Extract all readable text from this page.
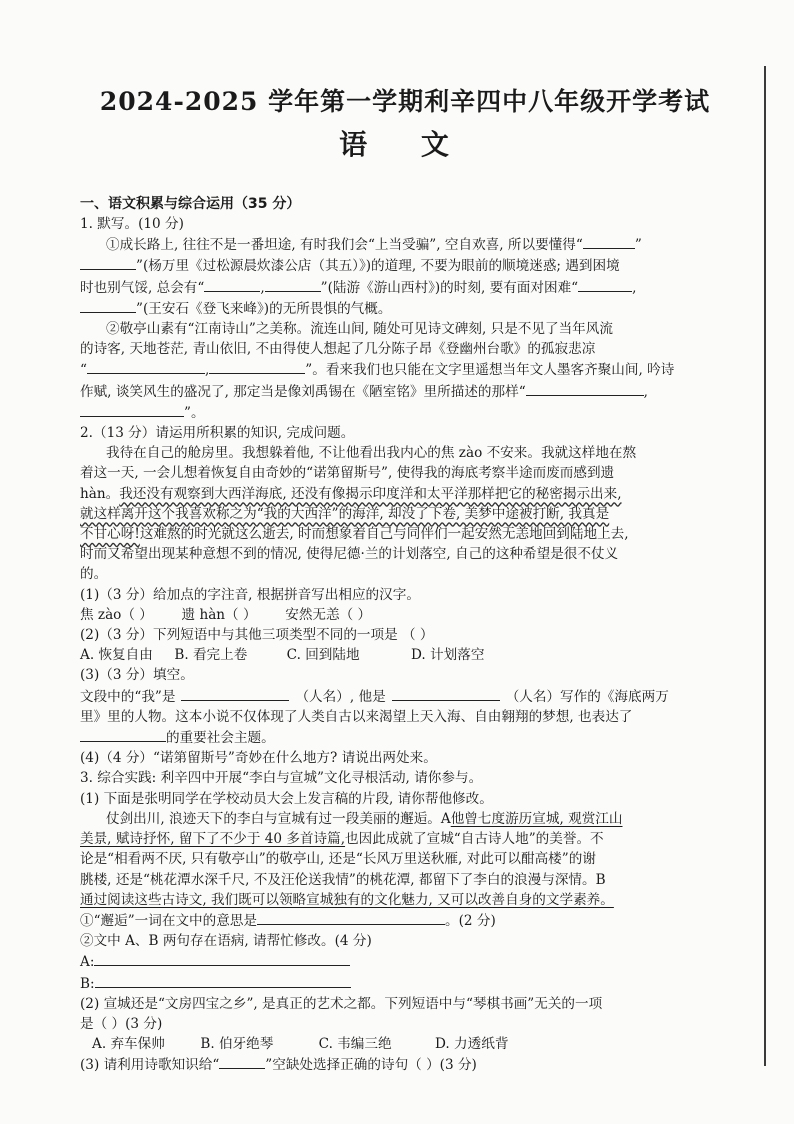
2024-2025 学年第一学期利辛四中八年级开学考试
语 文
一、语文积累与综合运用（35 分）
1. 默写。(10 分)
①成长路上, 往往不是一番坦途, 有时我们会“上当受骗”, 空自欢喜, 所以要懂得“	”
”(杨万里《过松源晨炊漆公店（其五）》)的道理, 不要为眼前的顺境迷惑; 遇到困境
时也别气馁, 总会有“	,	”(陆游《游山西村》)的时刻, 要有面对困难“	,
”(王安石《登飞来峰》)的无所畏惧的气概。
②敬亭山素有“江南诗山”之美称。流连山间, 随处可见诗文碑刻, 只是不见了当年风流
的诗客, 天地苍茫, 青山依旧, 不由得使人想起了几分陈子昂《登幽州台歌》的孤寂悲凉
“	,	”。看来我们也只能在文字里遥想当年文人墨客齐聚山间, 吟诗
作赋, 谈笑风生的盛况了, 那定当是像刘禹锡在《陋室铭》里所描述的那样“	,
”。
2.（13 分）请运用所积累的知识, 完成问题。
我待在自己的舱房里。我想躲着他, 不让他看出我内心的焦 zào 不安来。我就这样地在熬
着这一天, 一会儿想着恢复自由奇妙的“诺第留斯号”, 使得我的海底考察半途而废而感到遗
hàn。我还没有观察到大西洋海底, 还没有像揭示印度洋和太平洋那样把它的秘密揭示出来,
就这样离开这个我喜欢称之为“我的大西洋”的海洋, 却没了下卷, 美梦中途被打断, 我真是
不甘心呀!这难熬的时光就这么逝去, 时而想象着自己与同伴们一起安然无恙地回到陆地上去,
时而又希望出现某种意想不到的情况, 使得尼德·兰的计划落空, 自己的这种希望是很不仗义
的。
(1)（3 分）给加点的字注音, 根据拼音写出相应的汉字。
焦 zào（ ） 遗 hàn（ ） 安然无恙（ ）
(2)（3 分）下列短语中与其他三项类型不同的一项是 （ ）
A. 恢复自由 B. 看完上卷	C. 回到陆地	D. 计划落空
(3)（3 分）填空。
文段中的“我”是	（人名）, 他是	（人名）写作的《海底两万
里》里的人物。这本小说不仅体现了人类自古以来渴望上天入海、自由翱翔的梦想, 也表达了
的重要社会主题。
(4)（4 分）“诺第留斯号”奇妙在什么地方? 请说出两处来。
3. 综合实践: 利辛四中开展“李白与宣城”文化寻根活动, 请你参与。
(1) 下面是张明同学在学校动员大会上发言稿的片段, 请你帮他修改。
仗剑出川, 浪迹天下的李白与宣城有过一段美丽的邂逅。A他曾七度游历宣城, 观赏江山
美景, 赋诗抒怀, 留下了不少于 40 多首诗篇,也因此成就了宣城“自古诗人地”的美誉。不
论是“相看两不厌, 只有敬亭山”的敬亭山, 还是“长风万里送秋雁, 对此可以酣高楼”的谢
朓楼, 还是“桃花潭水深千尺, 不及汪伦送我情”的桃花潭, 都留下了李白的浪漫与深情。B
通过阅读这些古诗文, 我们既可以领略宣城独有的文化魅力, 又可以改善自身的文学素养。
①“邂逅”一词在文中的意思是	。(2 分)
②文中 A、B 两句存在语病, 请帮忙修改。(4 分)
A:
B:
(2) 宣城还是“文房四宝之乡”, 是真正的艺术之都。下列短语中与“琴棋书画”无关的一项
是（ ）(3 分)
A. 弃车保帅	B. 伯牙绝琴	C. 韦编三绝	D. 力透纸背
(3) 请利用诗歌知识给“	”空缺处选择正确的诗句（ ）(3 分)
